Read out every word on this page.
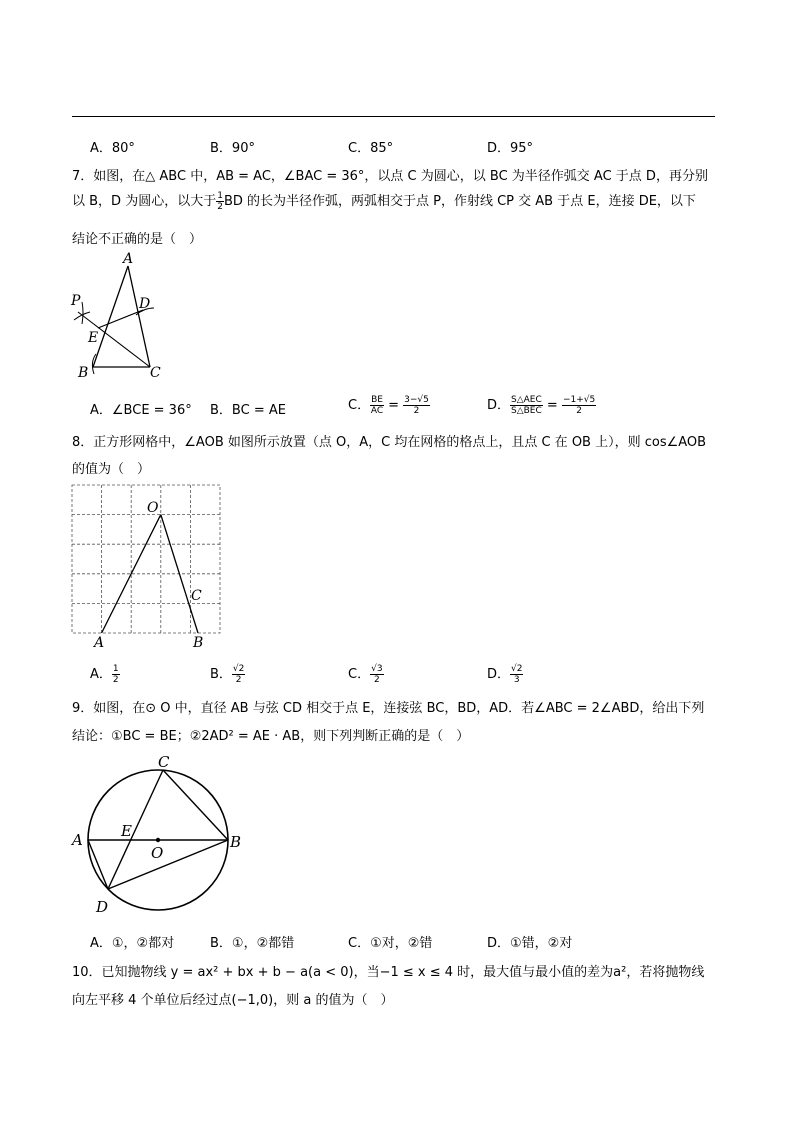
A．80°	B．90°	C．85°	D．95°
7．如图，在△ ABC 中，AB = AC，∠BAC = 36°，以点 C 为圆心，以 BC 为半径作弧交 AC 于点 D，再分别
以 B，D 为圆心，以大于 $\frac{1}{2}$ BD 的长为半径作弧，两弧相交于点 P，作射线 CP 交 AB 于点 E，连接 DE，以下
结论不正确的是（　）
A
P	D
E
B	C
A．∠BCE = 36° B．BC = AE	C． $\frac{BE}{AC} = \frac{3-√5}{2}$	D． $\frac{\text{S△AEC}}{\text{S△BEC}} = \frac{-1+√5}{2}$
8．正方形网格中，∠AOB 如图所示放置（点 O，A，C 均在网格的格点上，且点 C 在 OB 上），则 cos∠AOB
的值为（　）
O
A	B
C
A． $\frac{1}{2}$	B． $\frac{√2}{2}$	C． $\frac{√3}{2}$	D． $\frac{√2}{3}$
9．如图，在⊙ O 中，直径 AB 与弦 CD 相交于点 E，连接弦 BC，BD，AD．若∠ABC = 2∠ABD，给出下列
结论：①BC = BE；②2AD² = AE · AB，则下列判断正确的是（　）
C
A	B
E
O
D
A．①，②都对	B．①，②都错	C．①对，②错	D．①错，②对
10．已知抛物线 y = ax² + bx + b − a(a < 0)，当−1 ≤ x ≤ 4 时，最大值与最小值的差为a²，若将抛物线
向左平移 4 个单位后经过点(−1,0)，则 a 的值为（　）
